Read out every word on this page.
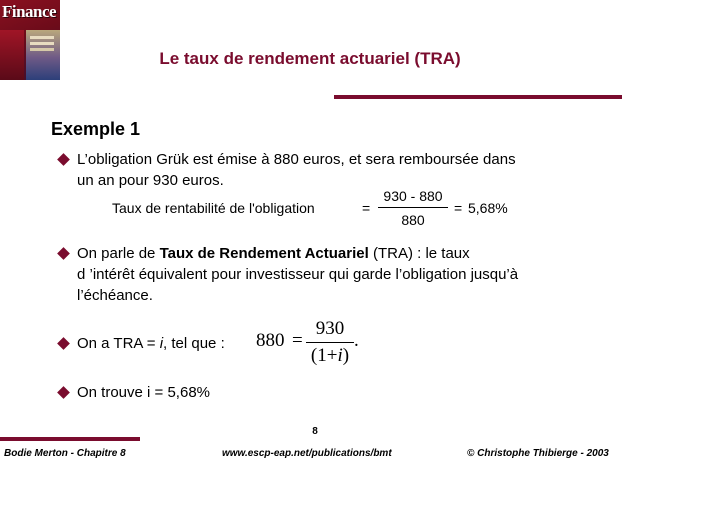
Finance
Le taux de rendement actuariel (TRA)
Exemple 1
L’obligation Grük est émise à 880 euros, et sera remboursée dans
un an pour 930 euros.
Taux de rentabilité de l'obligation	=
930 - 880
880
= 5,68%
On parle de Taux de Rendement Actuariel (TRA) : le taux
d ’intérêt équivalent pour investisseur qui garde l’obligation jusqu’à
l’échéance.
On a TRA = i, tel que : 880 =
930
(1+i)
.
On trouve i = 5,68%
8
Bodie Merton - Chapitre 8	www.escp-eap.net/publications/bmt	© Christophe Thibierge - 2003
